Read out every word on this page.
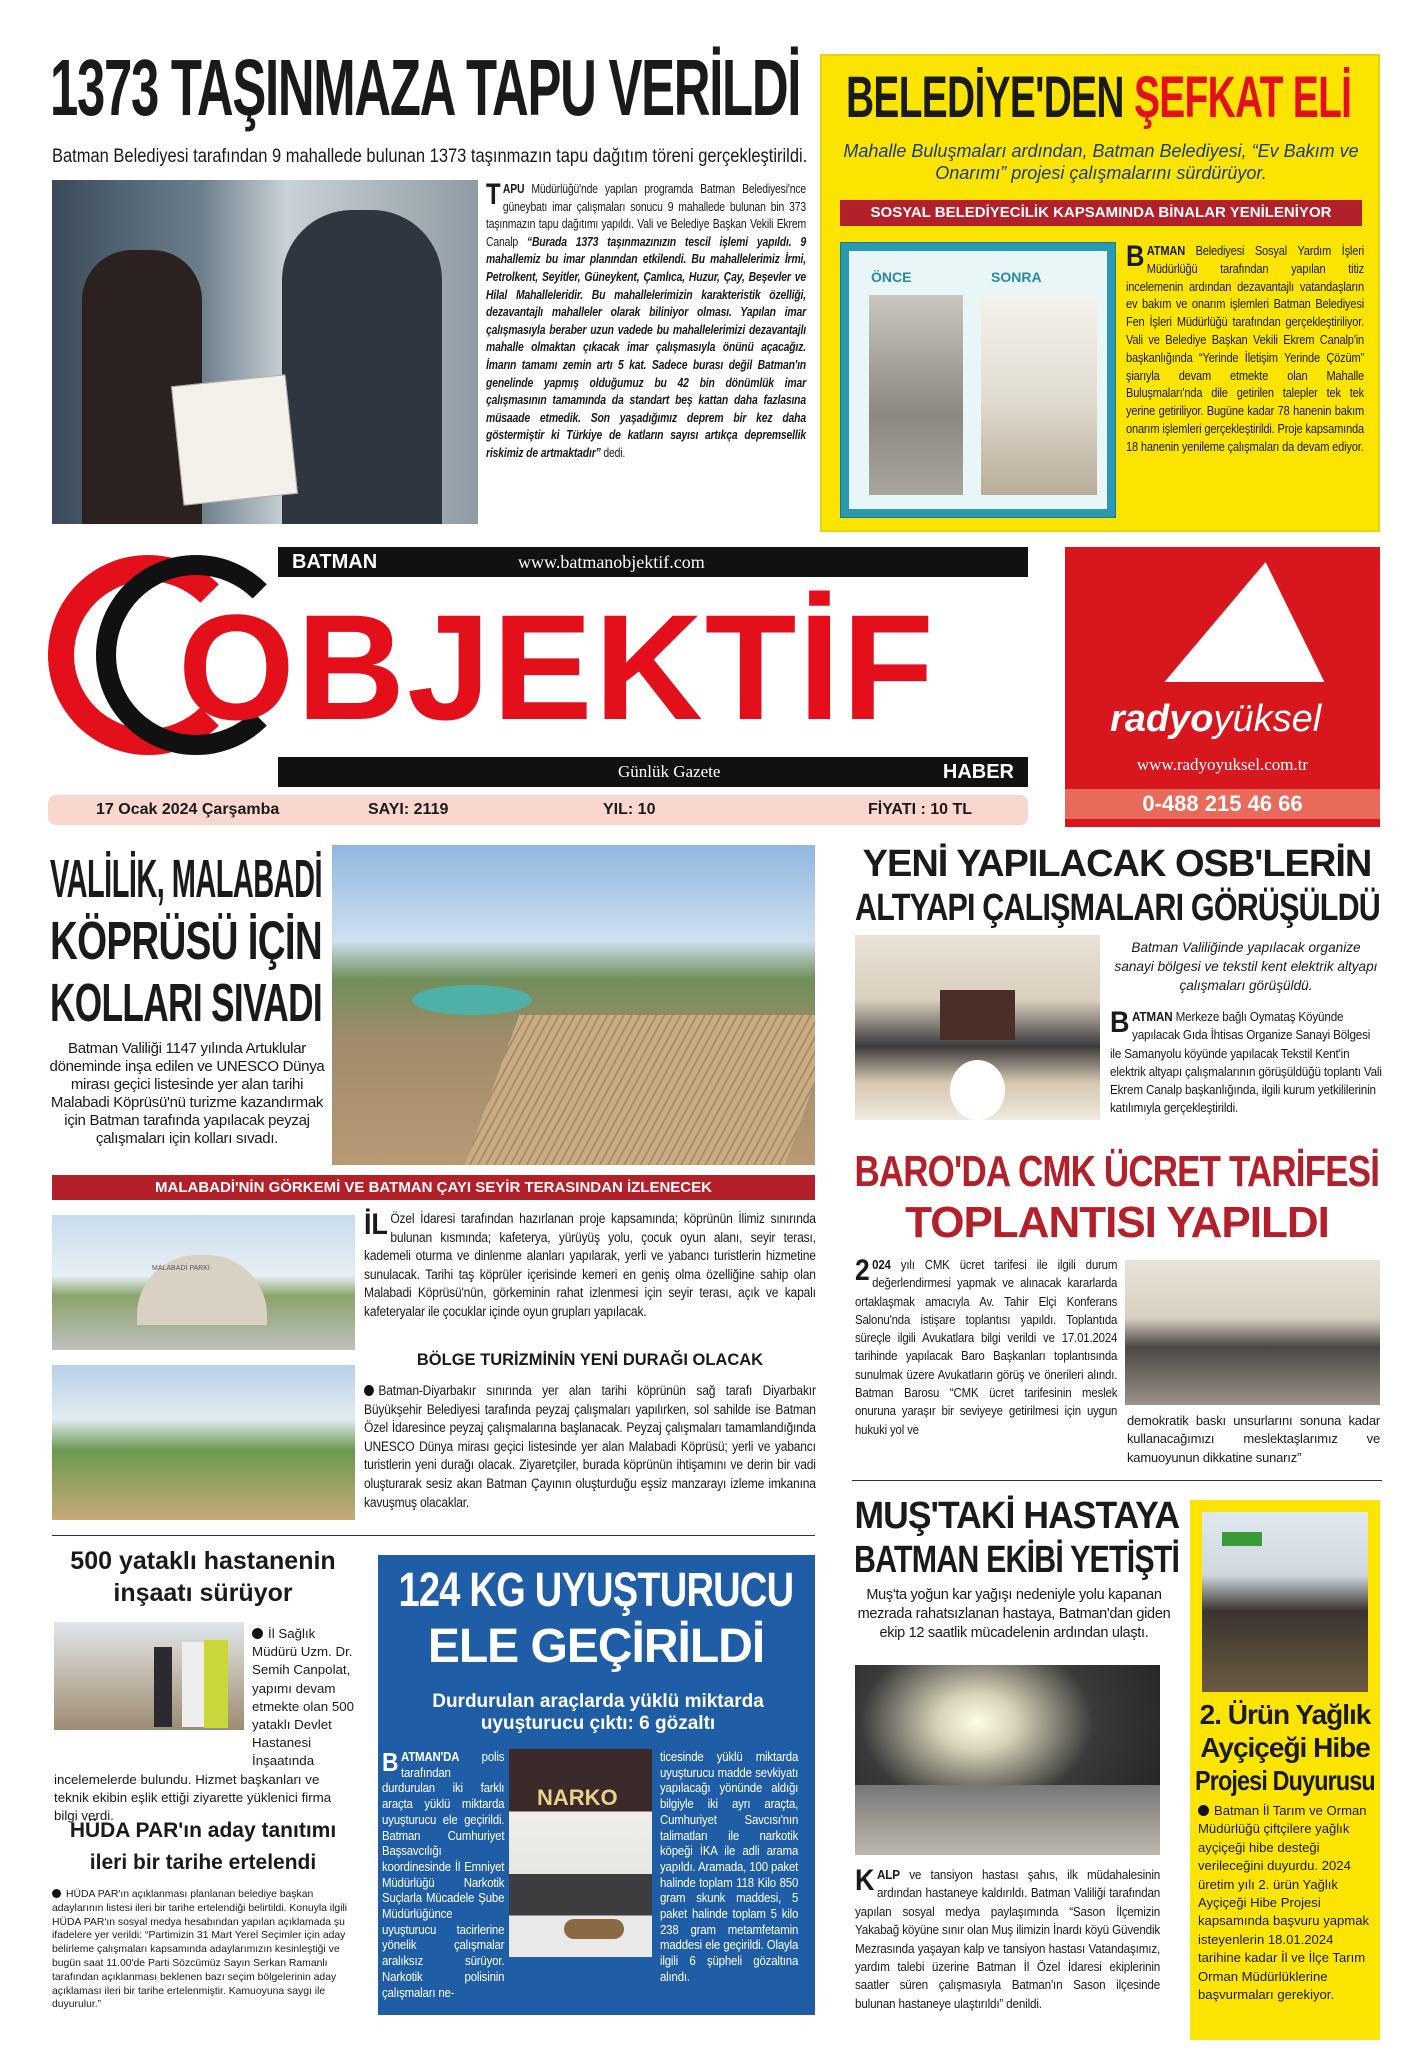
1373 TAŞINMAZA TAPU VERİLDİ
Batman Belediyesi tarafından 9 mahallede bulunan 1373 taşınmazın tapu dağıtım töreni gerçekleştirildi.
TAPU Müdürlüğü'nde yapılan programda Batman Belediyesi'nce güneybatı imar çalışmaları sonucu 9 mahallede bulunan bin 373 taşınmazın tapu dağıtımı yapıldı. Vali ve Belediye Başkan Vekili Ekrem Canalp “Burada 1373 taşınmazınızın tescil işlemi yapıldı. 9 mahallemiz bu imar planından etkilendi. Bu mahallelerimiz İrmi, Petrolkent, Seyitler, Güneykent, Çamlıca, Huzur, Çay, Beşevler ve Hilal Mahalleleridir. Bu mahallelerimizin karakteristik özelliği, dezavantajlı mahalleler olarak biliniyor olması. Yapılan imar çalışmasıyla beraber uzun vadede bu mahallelerimizi dezavantajlı mahalle olmaktan çıkacak imar çalışmasıyla önünü açacağız. İmarın tamamı zemin artı 5 kat. Sadece burası değil Batman'ın genelinde yapmış olduğumuz bu 42 bin dönümlük imar çalışmasının tamamında da standart beş kattan daha fazlasına müsaade etmedik. Son yaşadığımız deprem bir kez daha göstermiştir ki Türkiye de katların sayısı artıkça depremsellik riskimiz de artmaktadır” dedi.
BELEDİYE'DEN ŞEFKAT ELİ
Mahalle Buluşmaları ardından, Batman Belediyesi, “Ev Bakım ve Onarımı” projesi çalışmalarını sürdürüyor.
SOSYAL BELEDİYECİLİK KAPSAMINDA BİNALAR YENİLENİYOR
ÖNCE	SONRA
BATMAN Belediyesi Sosyal Yardım İşleri Müdürlüğü tarafından yapılan titiz incelemenin ardından dezavantajlı vatandaşların ev bakım ve onarım işlemleri Batman Belediyesi Fen İşleri Müdürlüğü tarafından gerçekleştiriliyor. Vali ve Belediye Başkan Vekili Ekrem Canalp'in başkanlığında “Yerinde İletişim Yerinde Çözüm” şiarıyla devam etmekte olan Mahalle Buluşmaları'nda dile getirilen talepler tek tek yerine getiriliyor. Bugüne kadar 78 hanenin bakım onarım işlemleri gerçekleştirildi. Proje kapsamında 18 hanenin yenileme çalışmaları da devam ediyor.
BATMAN	www.batmanobjektif.com
Günlük Gazete	HABER
OBJEKTİF
17 Ocak 2024 Çarşamba	SAYI: 2119	YIL: 10	FİYATI : 10 TL
radyoyüksel
www.radyoyuksel.com.tr
0-488 215 46 66
VALİLİK, MALABADİ
KÖPRÜSÜ İÇİN
KOLLARI SIVADI
Batman Valiliği 1147 yılında Artuklular döneminde inşa edilen ve UNESCO Dünya mirası geçici listesinde yer alan tarihi Malabadi Köprüsü'nü turizme kazandırmak için Batman tarafında yapılacak peyzaj çalışmaları için kolları sıvadı.
MALABADİ'NİN GÖRKEMİ VE BATMAN ÇAYI SEYİR TERASINDAN İZLENECEK
MALABADİ PARKI
İL Özel İdaresi tarafından hazırlanan proje kapsamında; köprünün İlimiz sınırında bulunan kısmında; kafeterya, yürüyüş yolu, çocuk oyun alanı, seyir terası, kademeli oturma ve dinlenme alanları yapılarak, yerli ve yabancı turistlerin hizmetine sunulacak. Tarihi taş köprüler içerisinde kemeri en geniş olma özelliğine sahip olan Malabadi Köprüsü'nün, görkeminin rahat izlenmesi için seyir terası, açık ve kapalı kafeteryalar ile çocuklar içinde oyun grupları yapılacak.
BÖLGE TURİZMİNİN YENİ DURAĞI OLACAK
Batman-Diyarbakır sınırında yer alan tarihi köprünün sağ tarafı Diyarbakır Büyükşehir Belediyesi tarafında peyzaj çalışmaları yapılırken, sol sahilde ise Batman Özel İdaresince peyzaj çalışmalarına başlanacak. Peyzaj çalışmaları tamamlandığında UNESCO Dünya mirası geçici listesinde yer alan Malabadi Köprüsü; yerli ve yabancı turistlerin yeni durağı olacak. Ziyaretçiler, burada köprünün ihtişamını ve derin bir vadi oluşturarak sesiz akan Batman Çayının oluşturduğu eşsiz manzarayı izleme imkanına kavuşmuş olacaklar.
500 yataklı hastanenin
inşaatı sürüyor
İl Sağlık Müdürü Uzm. Dr. Semih Canpolat, yapımı devam etmekte olan 500 yataklı Devlet Hastanesi İnşaatında incelemelerde bulundu. Hizmet başkanları ve teknik ekibin eşlik ettiği ziyarette yüklenici firma bilgi verdi.
HÜDA PAR'ın aday tanıtımı
ileri bir tarihe ertelendi
HÜDA PAR'ın açıklanması planlanan belediye başkan adaylarının listesi ileri bir tarihe ertelendiği belirtildi. Konuyla ilgili HÜDA PAR'ın sosyal medya hesabından yapılan açıklamada şu ifadelere yer verildi: “Partimizin 31 Mart Yerel Seçimler için aday belirleme çalışmaları kapsamında adaylarımızın kesinleştiği ve bugün saat 11.00'de Parti Sözcümüz Sayın Serkan Ramanlı tarafından açıklanması beklenen bazı seçim bölgelerinin aday açıklaması ileri bir tarihe ertelenmiştir. Kamuoyuna saygı ile duyurulur.”
124 KG UYUŞTURUCU
ELE GEÇİRİLDİ
Durdurulan araçlarda yüklü miktarda uyuşturucu çıktı: 6 gözaltı
NARKO
BATMAN'DA polis tarafından durdurulan iki farklı araçta yüklü miktarda uyuşturucu ele geçirildi. Batman Cumhuriyet Başsavcılığı koordinesinde İl Emniyet Müdürlüğü Narkotik Suçlarla Mücadele Şube Müdürlüğünce uyuşturucu tacirlerine yönelik çalışmalar aralıksız sürüyor. Narkotik polisinin çalışmaları ne-
ticesinde yüklü miktarda uyuşturucu madde sevkiyatı yapılacağı yönünde aldığı bilgiyle iki ayrı araçta, Cumhuriyet Savcısı'nın talimatları ile narkotik köpeği İKA ile adli arama yapıldı. Aramada, 100 paket halinde toplam 118 Kilo 850 gram skunk maddesi, 5 paket halinde toplam 5 kilo 238 gram metamfetamin maddesi ele geçirildi. Olayla ilgili 6 şüpheli gözaltına alındı.
YENİ YAPILACAK OSB'LERİN
ALTYAPI ÇALIŞMALARI GÖRÜŞÜLDÜ
Batman Valiliğinde yapılacak organize sanayi bölgesi ve tekstil kent elektrik altyapı çalışmaları görüşüldü.
BATMAN Merkeze bağlı Oymataş Köyünde yapılacak Gıda İhtisas Organize Sanayi Bölgesi ile Samanyolu köyünde yapılacak Tekstil Kent'in elektrik altyapı çalışmalarının görüşüldüğü toplantı Vali Ekrem Canalp başkanlığında, ilgili kurum yetkililerinin katılımıyla gerçekleştirildi.
BARO'DA CMK ÜCRET TARİFESİ
TOPLANTISI YAPILDI
2 024 yılı CMK ücret tarifesi ile ilgili durum değerlendirmesi yapmak ve alınacak kararlarda ortaklaşmak amacıyla Av. Tahir Elçi Konferans Salonu'nda istişare toplantısı yapıldı. Toplantıda süreçle ilgili Avukatlara bilgi verildi ve 17.01.2024 tarihinde yapılacak Baro Başkanları toplantısında sunulmak üzere Avukatların görüş ve önerileri alındı. Batman Barosu “CMK ücret tarifesinin meslek onuruna yaraşır bir seviyeye getirilmesi için uygun hukuki yol ve
demokratik baskı unsurlarını sonuna kadar kullanacağımızı meslektaşlarımız ve kamuoyunun dikkatine sunarız”
MUŞ'TAKİ HASTAYA
BATMAN EKİBİ YETİŞTİ
Muş'ta yoğun kar yağışı nedeniyle yolu kapanan mezrada rahatsızlanan hastaya, Batman'dan giden ekip 12 saatlik mücadelenin ardından ulaştı.
KALP ve tansiyon hastası şahıs, ilk müdahalesinin ardından hastaneye kaldırıldı. Batman Valiliği tarafından yapılan sosyal medya paylaşımında “Sason İlçemizin Yakabağ köyüne sınır olan Muş ilimizin İnardı köyü Güvendik Mezrasında yaşayan kalp ve tansiyon hastası Vatandaşımız, yardım talebi üzerine Batman İl Özel İdaresi ekiplerinin saatler süren çalışmasıyla Batman'ın Sason ilçesinde bulunan hastaneye ulaştırıldı” denildi.
2. Ürün Yağlık
Ayçiçeği Hibe
Projesi Duyurusu
Batman İl Tarım ve Orman Müdürlüğü çiftçilere yağlık ayçiçeği hibe desteği verileceğini duyurdu. 2024 üretim yılı 2. ürün Yağlık Ayçiçeği Hibe Projesi kapsamında başvuru yapmak isteyenlerin 18.01.2024 tarihine kadar İl ve İlçe Tarım Orman Müdürlüklerine başvurmaları gerekiyor.
